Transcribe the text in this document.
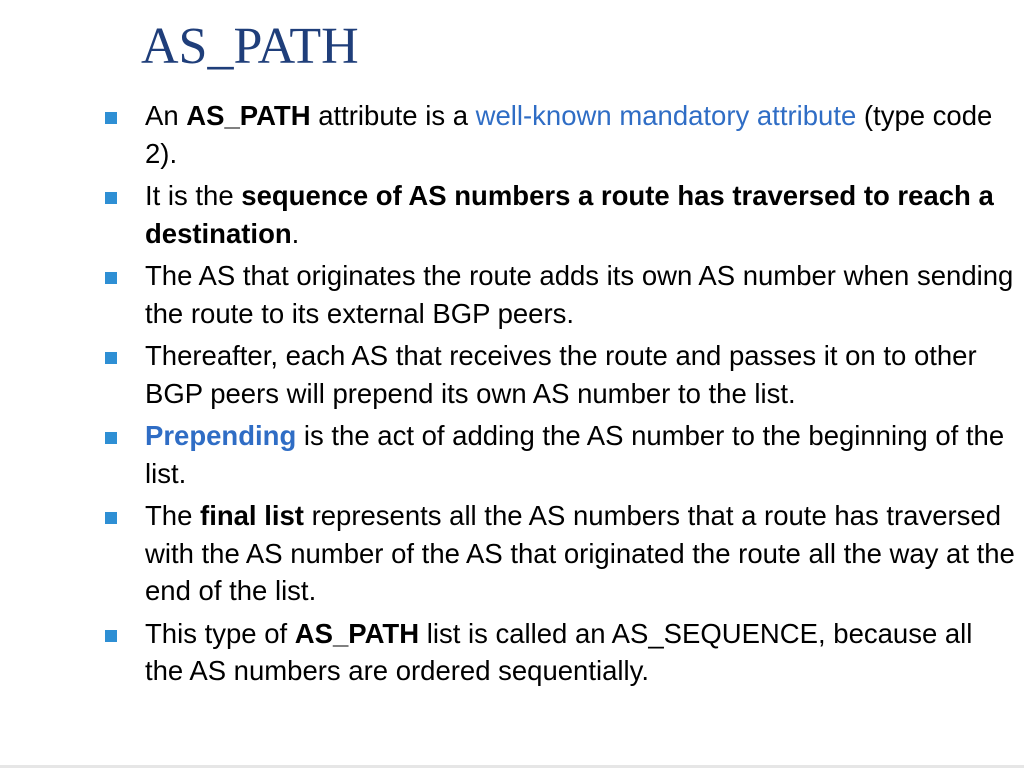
AS_PATH
An AS_PATH attribute is a well-known mandatory attribute (type code 2).
It is the sequence of AS numbers a route has traversed to reach a destination.
The AS that originates the route adds its own AS number when sending the route to its external BGP peers.
Thereafter, each AS that receives the route and passes it on to other BGP peers will prepend its own AS number to the list.
Prepending is the act of adding the AS number to the beginning of the list.
The final list represents all the AS numbers that a route has traversed with the AS number of the AS that originated the route all the way at the end of the list.
This type of AS_PATH list is called an AS_SEQUENCE, because all the AS numbers are ordered sequentially.
